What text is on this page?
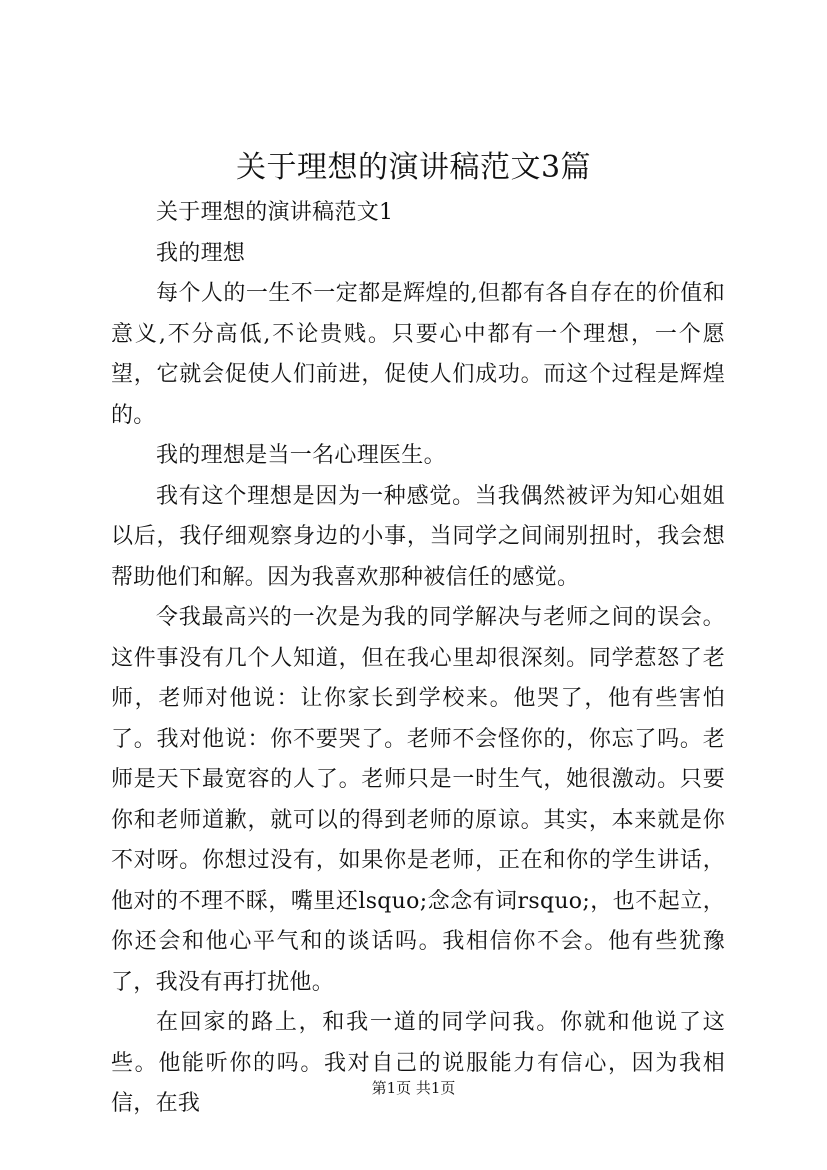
关于理想的演讲稿范文3篇

关于理想的演讲稿范文1

我的理想

每个人的一生不一定都是辉煌的,但都有各自存在的价值和意义,不分高低,不论贵贱。只要心中都有一个理想，一个愿望，它就会促使人们前进，促使人们成功。而这个过程是辉煌的。

我的理想是当一名心理医生。

我有这个理想是因为一种感觉。当我偶然被评为知心姐姐以后，我仔细观察身边的小事，当同学之间闹别扭时，我会想帮助他们和解。因为我喜欢那种被信任的感觉。

令我最高兴的一次是为我的同学解决与老师之间的误会。这件事没有几个人知道，但在我心里却很深刻。同学惹怒了老师，老师对他说：让你家长到学校来。他哭了，他有些害怕了。我对他说：你不要哭了。老师不会怪你的，你忘了吗。老师是天下最宽容的人了。老师只是一时生气，她很激动。只要你和老师道歉，就可以的得到老师的原谅。其实，本来就是你不对呀。你想过没有，如果你是老师，正在和你的学生讲话，他对的不理不睬，嘴里还lsquo;念念有词rsquo;，也不起立，你还会和他心平气和的谈话吗。我相信你不会。他有些犹豫了，我没有再打扰他。

在回家的路上，和我一道的同学问我。你就和他说了这些。他能听你的吗。我对自己的说服能力有信心，因为我相信，在我

第1页 共1页
